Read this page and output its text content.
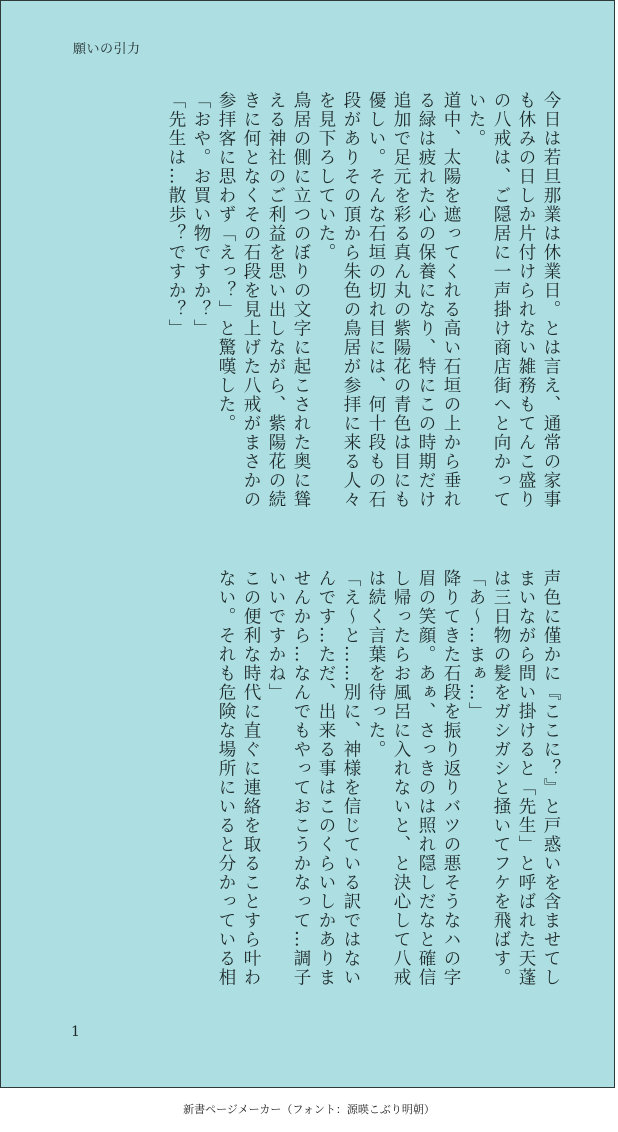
願いの引力

今日は若旦那業は休業日。とは言え、通常の家事
も休みの日しか片付けられない雑務もてんこ盛り
の八戒は、ご隠居に一声掛け商店街へと向かって
いた。

道中、太陽を遮ってくれる高い石垣の上から垂れ
る緑は疲れた心の保養になり、特にこの時期だけ
追加で足元を彩る真ん丸の紫陽花の青色は目にも
優しい。そんな石垣の切れ目には、何十段もの石
段がありその頂から朱色の鳥居が参拝に来る人々
を見下ろしていた。

鳥居の側に立つのぼりの文字に起こされた奥に聳
える神社のご利益を思い出しながら、紫陽花の続
きに何となくその石段を見上げた八戒がまさかの
参拝客に思わず「えっ？」と驚嘆した。

「おや。お買い物ですか？」
「先生は…散歩？ですか？」

声色に僅かに『ここに？』と戸惑いを含ませてし
まいながら問い掛けると「先生」と呼ばれた天蓬
は三日物の髪をガシガシと掻いてフケを飛ばす。

「あ〜…まぁ…」

降りてきた石段を振り返りバツの悪そうなハの字
眉の笑顔。あぁ、さっきのは照れ隠しだなと確信
し帰ったらお風呂に入れないと、と決心して八戒
は続く言葉を待った。

「え〜と……別に、神様を信じている訳ではない
んです…ただ、出来る事はこのくらいしかありま
せんから…なんでもやっておこうかなって…調子
いいですかね」

この便利な時代に直ぐに連絡を取ることすら叶わ
ない。それも危険な場所にいると分かっている相

1
新書ページメーカー（フォント：源暎こぶり明朝）
